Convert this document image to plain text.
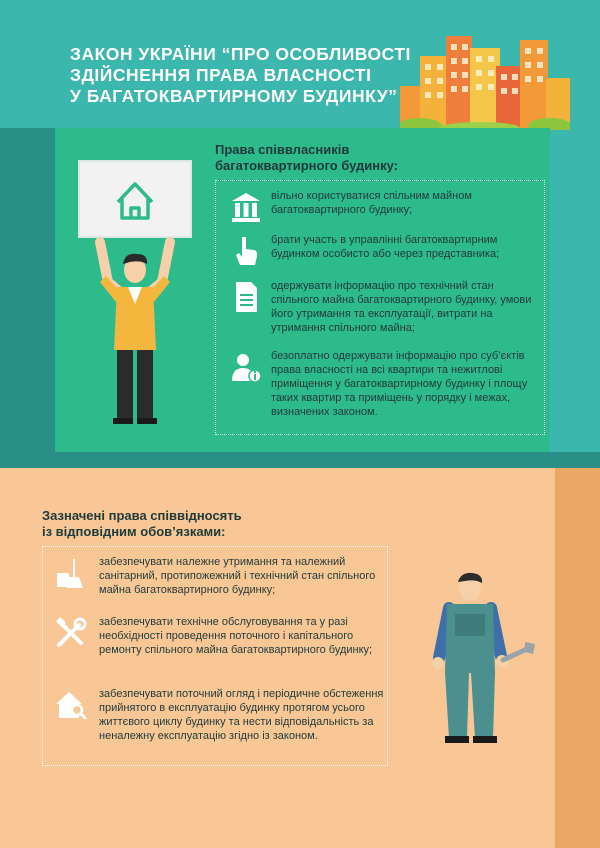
ЗАКОН УКРАЇНИ “ПРО ОСОБЛИВОСТІ
ЗДІЙСНЕННЯ ПРАВА ВЛАСНОСТІ
У БАГАТОКВАРТИРНОМУ БУДИНКУ”
Права співвласників
багатоквартирного будинку:
вільно користуватися спільним майном багатоквартирного будинку;
брати участь в управлінні багатоквартирним будинком особисто або через представника;
одержувати інформацію про технічний стан спільного майна багатоквартирного будинку, умови його утримання та експлуатації, витрати на утримання спільного майна;
безоплатно одержувати інформацію про суб’єктів права власності на всі квартири та нежитлові приміщення у багатоквартирному будинку і площу таких квартир та приміщень у порядку і межах, визначених законом.
Зазначені права співвідносять
із відповідним обов’язками:
забезпечувати належне утримання та належний санітарний, протипожежний і технічний стан спільного майна багатоквартирного будинку;
забезпечувати технічне обслуговування та у разі необхідності проведення поточного і капітального ремонту спільного майна багатоквартирного будинку;
забезпечувати поточний огляд і періодичне обстеження прийнятого в експлуатацію будинку протягом усього життєвого циклу будинку та нести відповідальність за неналежну експлуатацію згідно із законом.
